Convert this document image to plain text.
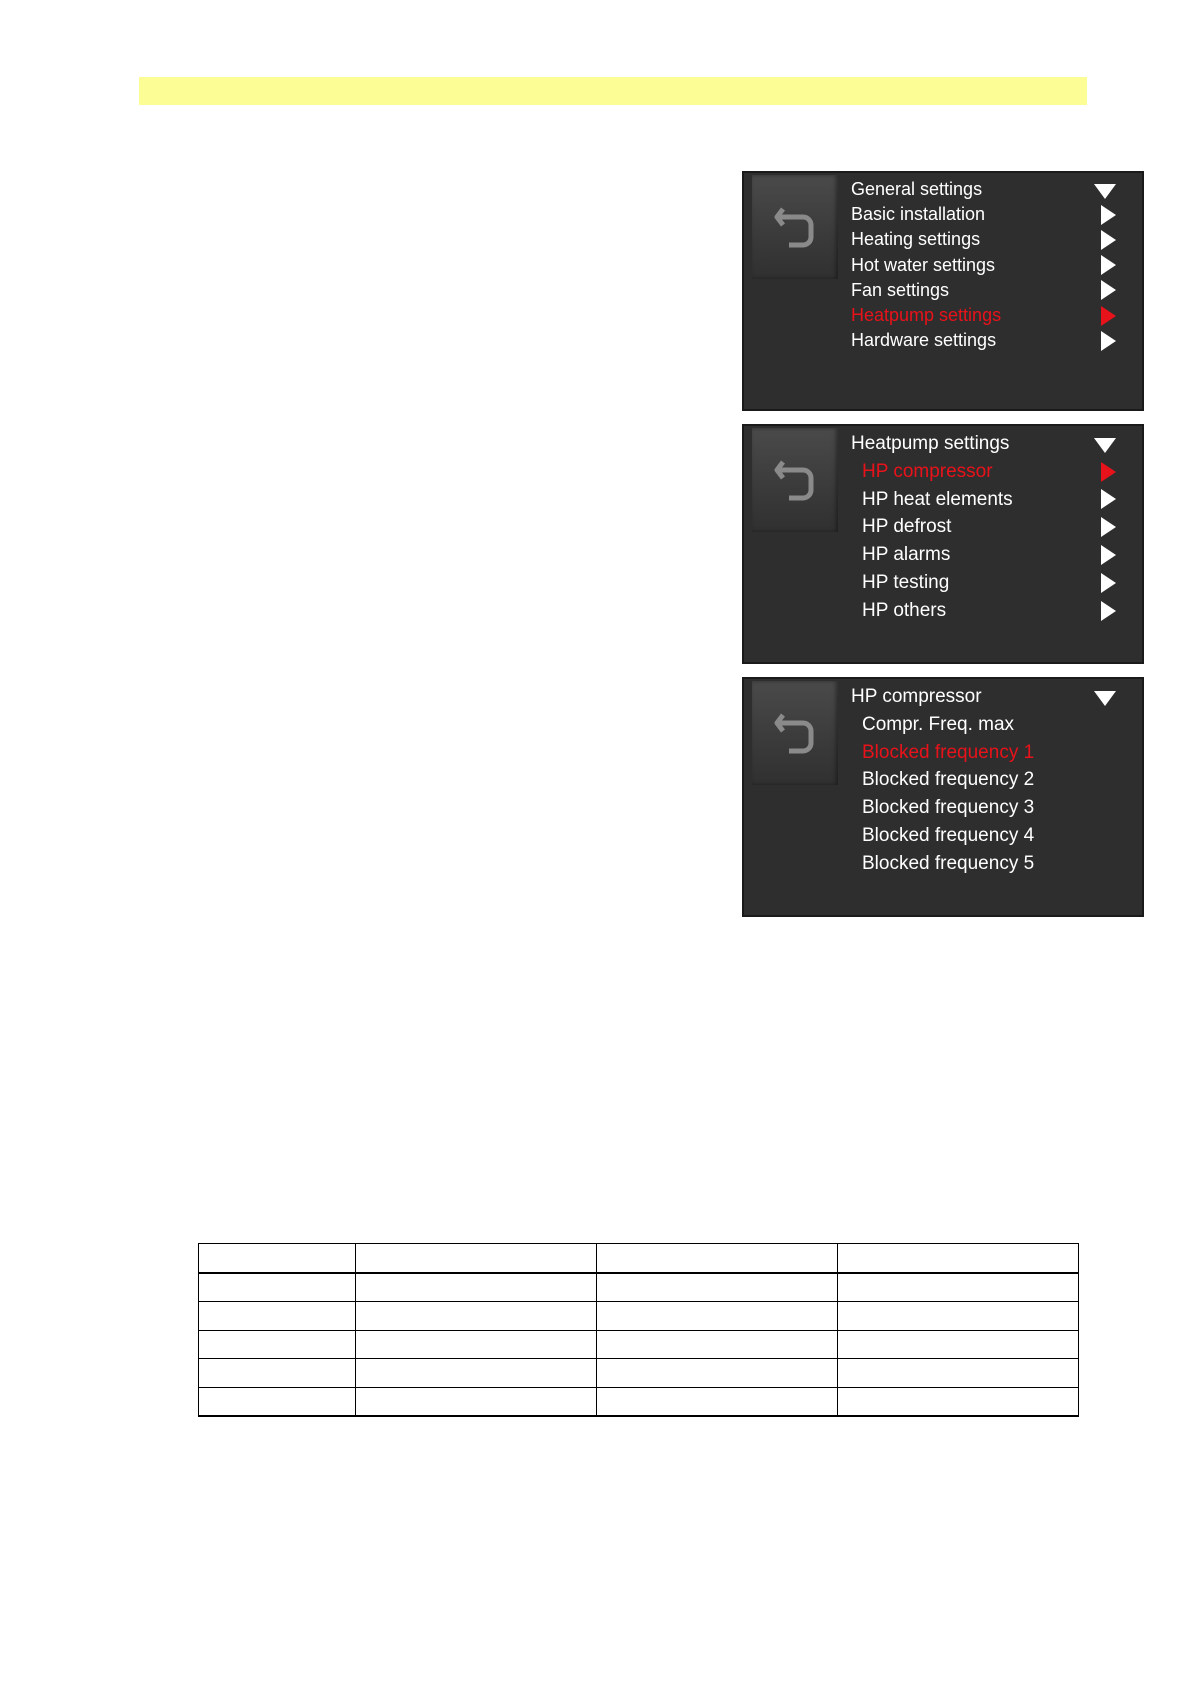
General settings
Basic installation
Heating settings
Hot water settings
Fan settings
Heatpump settings
Hardware settings
Heatpump settings
HP compressor
HP heat elements
HP defrost
HP alarms
HP testing
HP others
HP compressor
Compr. Freq. max
Blocked frequency 1
Blocked frequency 2
Blocked frequency 3
Blocked frequency 4
Blocked frequency 5
